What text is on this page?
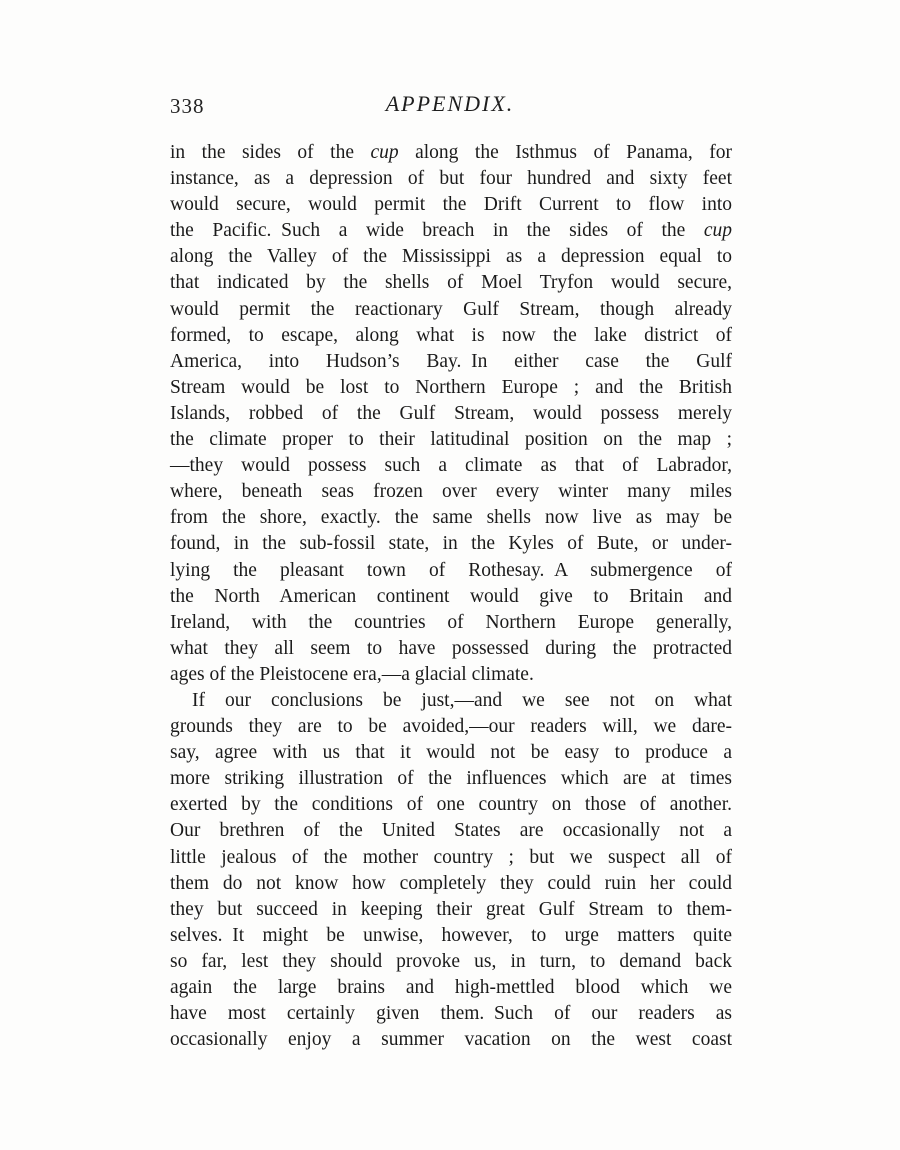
338	APPENDIX.
in the sides of the cup along the Isthmus of Panama, for
instance, as a depression of but four hundred and sixty feet
would secure, would permit the Drift Current to flow into
the Pacific. Such a wide breach in the sides of the cup
along the Valley of the Mississippi as a depression equal to
that indicated by the shells of Moel Tryfon would secure,
would permit the reactionary Gulf Stream, though already
formed, to escape, along what is now the lake district of
America, into Hudson’s Bay. In either case the Gulf
Stream would be lost to Northern Europe ; and the British
Islands, robbed of the Gulf Stream, would possess merely
the climate proper to their latitudinal position on the map ;
—they would possess such a climate as that of Labrador,
where, beneath seas frozen over every winter many miles
from the shore, exactly. the same shells now live as may be
found, in the sub-fossil state, in the Kyles of Bute, or under-
lying the pleasant town of Rothesay. A submergence of
the North American continent would give to Britain and
Ireland, with the countries of Northern Europe generally,
what they all seem to have possessed during the protracted
ages of the Pleistocene era,—a glacial climate.
If our conclusions be just,—and we see not on what
grounds they are to be avoided,—our readers will, we dare-
say, agree with us that it would not be easy to produce a
more striking illustration of the influences which are at times
exerted by the conditions of one country on those of another.
Our brethren of the United States are occasionally not a
little jealous of the mother country ; but we suspect all of
them do not know how completely they could ruin her could
they but succeed in keeping their great Gulf Stream to them-
selves. It might be unwise, however, to urge matters quite
so far, lest they should provoke us, in turn, to demand back
again the large brains and high-mettled blood which we
have most certainly given them. Such of our readers as
occasionally enjoy a summer vacation on the west coast
